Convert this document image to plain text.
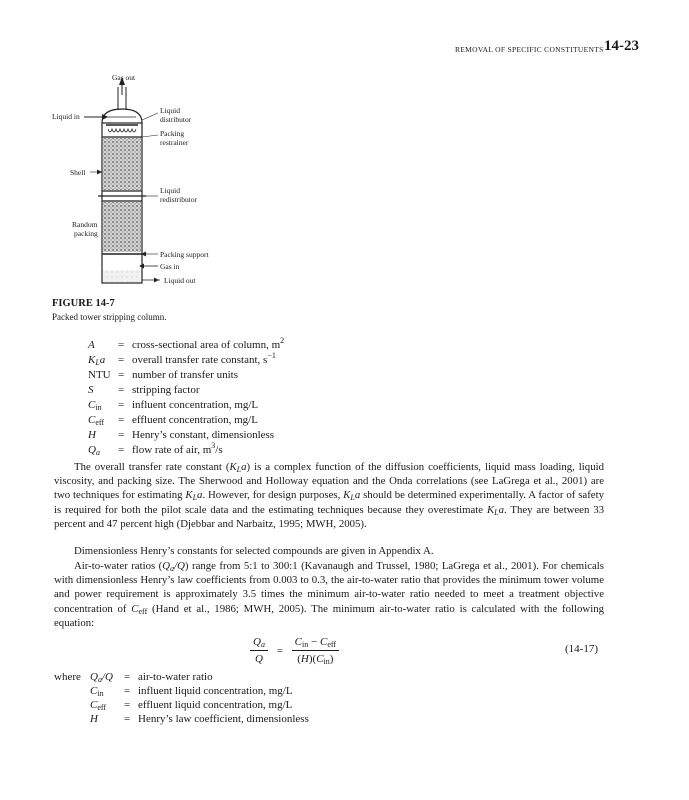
REMOVAL OF SPECIFIC CONSTITUENTS 14-23
Gas out
Liquid in
Liquid
distributor
Packing
restrainer
Shell
Liquid
redistributor
Random
packing
Packing support
Gas in
Liquid out
FIGURE 14-7
Packed tower stripping column.
A	= cross-sectional area of column, $m^2$
$K_La$	= overall transfer rate constant, $s^{-1}$
NTU = number of transfer units
S	= stripping factor
$C_{in}$	= influent concentration, mg/L
$C_{eff}$	= effluent concentration, mg/L
H	= Henry’s constant, dimensionless
$Q_a$	= flow rate of air, $m^3/s$
The overall transfer rate constant $(K_La)$ is a complex function of the diffusion coefficients, liquid mass loading, liquid viscosity, and packing size. The Sherwood and Holloway equation and the Onda correlations (see LaGrega et al., 2001) are two techniques for estimating $K_La$. However, for design purposes, $K_La$ should be determined experimentally. A factor of safety is required for both the pilot scale data and the estimating techniques because they overestimate $K_La$. They are between 33 percent and 47 percent high (Djebbar and Narbaitz, 1995; MWH, 2005).
Dimensionless Henry’s constants for selected compounds are given in Appendix A.
Air-to-water ratios $(Q_a/Q)$ range from 5:1 to 300:1 (Kavanaugh and Trussel, 1980; LaGrega et al., 2001). For chemicals with dimensionless Henry’s law coefficients from 0.003 to 0.3, the air-to-water ratio that provides the minimum tower volume and power requirement is approximately 3.5 times the minimum air-to-water ratio needed to meet a treatment objective concentration of $C_{eff}$ (Hand et al., 1986; MWH, 2005). The minimum air-to-water ratio is calculated with the following equation:
$\frac{Q_a}{Q} = \frac{C_{in} - C_{eff}}{(H)(C_{in})}$	(14-17)
where $Q_a/Q$	= air-to-water ratio
$C_{in}$	= influent liquid concentration, mg/L
$C_{eff}$	= effluent liquid concentration, mg/L
H	= Henry’s law coefficient, dimensionless
